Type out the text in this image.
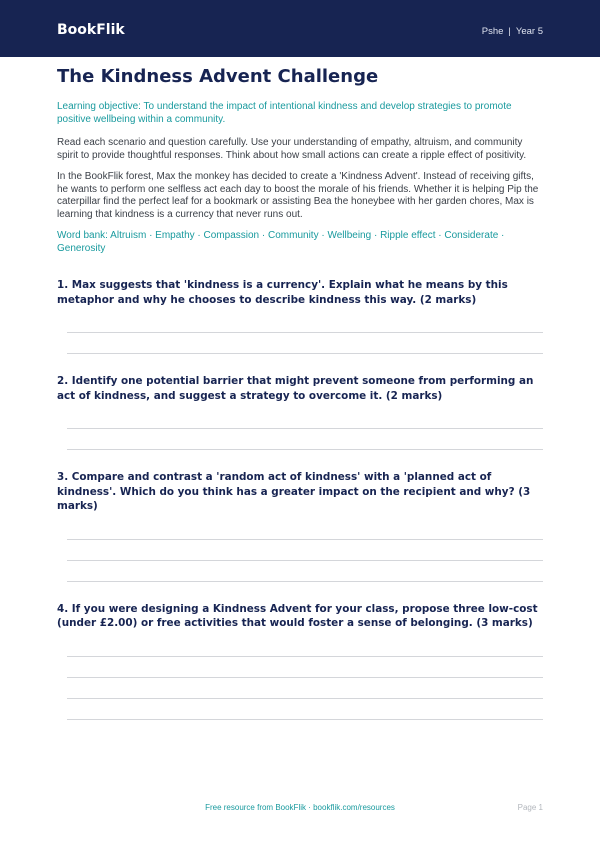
BookFlik	Pshe | Year 5
The Kindness Advent Challenge

Learning objective: To understand the impact of intentional kindness and develop strategies to promote positive wellbeing within a community.

Read each scenario and question carefully. Use your understanding of empathy, altruism, and community spirit to provide thoughtful responses. Think about how small actions can create a ripple effect of positivity.

In the BookFlik forest, Max the monkey has decided to create a 'Kindness Advent'. Instead of receiving gifts, he wants to perform one selfless act each day to boost the morale of his friends. Whether it is helping Pip the caterpillar find the perfect leaf for a bookmark or assisting Bea the honeybee with her garden chores, Max is learning that kindness is a currency that never runs out.

Word bank: Altruism · Empathy · Compassion · Community · Wellbeing · Ripple effect · Considerate · Generosity

1. Max suggests that 'kindness is a currency'. Explain what he means by this metaphor and why he chooses to describe kindness this way. (2 marks)

2. Identify one potential barrier that might prevent someone from performing an act of kindness, and suggest a strategy to overcome it. (2 marks)

3. Compare and contrast a 'random act of kindness' with a 'planned act of kindness'. Which do you think has a greater impact on the recipient and why? (3 marks)

4. If you were designing a Kindness Advent for your class, propose three low-cost (under £2.00) or free activities that would foster a sense of belonging. (3 marks)

Free resource from BookFlik · bookflik.com/resources	Page 1
